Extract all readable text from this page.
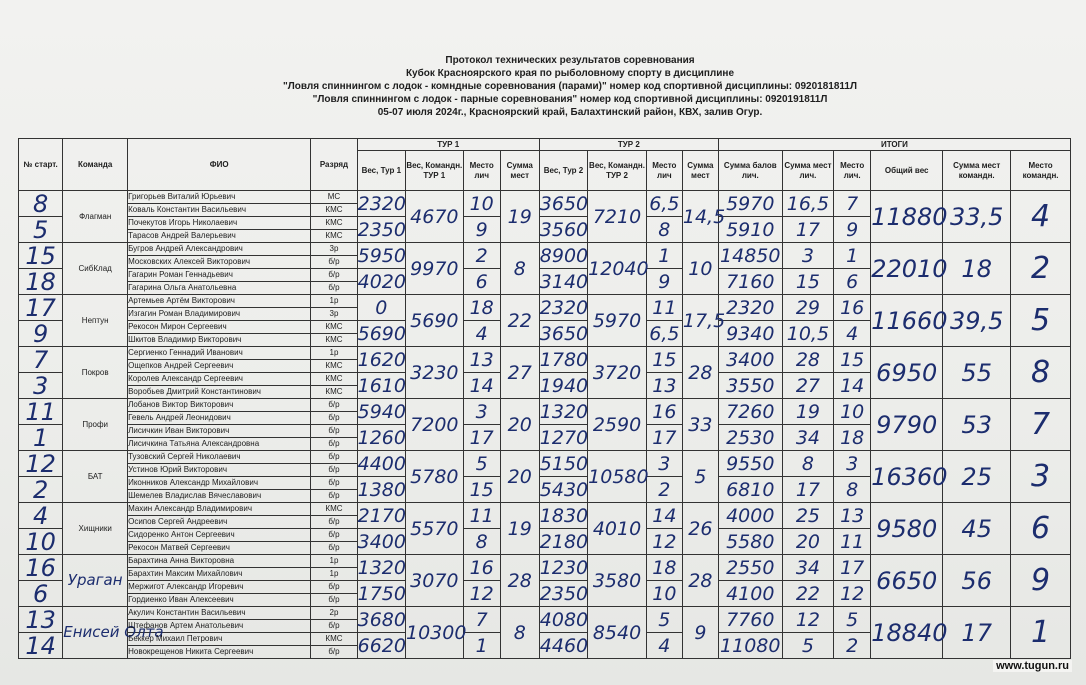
Протокол технических результатов соревнования
Кубок Красноярского края по рыболовному спорту в дисциплине
"Ловля спиннингом с лодок - комндные соревнования (парами)" номер код спортивной дисциплины: 0920181811Л
"Ловля спиннингом с лодок - парные соревнования" номер код спортивной дисциплины: 0920191811Л
05-07 июля 2024г., Красноярский край, Балахтинский район, КВХ, залив Огур.
№ старт.	Команда	ФИО	Разряд	ТУР 1				ТУР 2				ИТОГИ					
				Вес, Тур 1	Вес, Командн. ТУР 1	Место лич	Сумма мест	Вес, Тур 2	Вес, Командн. ТУР 2	Место лич	Сумма мест	Сумма балов лич.	Сумма мест лич.	Место лич.	Общий вес	Сумма мест командн.	Место командн.
8	Флагман	Григорьев Виталий Юрьевич	МС	2320	4670	10	19	3650	7210	6,5	14,5	5970	16,5	7	11880	33,5	4
		Коваль Константин Васильевич	КМС														
5		Почекутов Игорь Николаевич	КМС	2350		9		3560		8		5910	17	9			
		Тарасов Андрей Валерьевич	КМС														
15	СибКлад	Бугров Андрей Александрович	3р	5950	9970	2	8	8900	12040	1	10	14850	3	1	22010	18	2
		Московских Алексей Викторович	б/р														
18		Гагарин Роман Геннадьевич	б/р	4020		6		3140		9		7160	15	6			
		Гагарина Ольга Анатольевна	б/р														
17	Нептун	Артемьев Артём Викторович	1р	0	5690	18	22	2320	5970	11	17,5	2320	29	16	11660	39,5	5
		Изгагин Роман Владимирович	3р														
9		Рекосон Мирон Сергеевич	КМС	5690		4		3650		6,5		9340	10,5	4			
		Шкитов Владимир Викторович	КМС														
7	Покров	Сергиенко Геннадий Иванович	1р	1620	3230	13	27	1780	3720	15	28	3400	28	15	6950	55	8
		Ощепков Андрей Сергеевич	КМС														
3		Королев Александр Сергеевич	КМС	1610		14		1940		13		3550	27	14			
		Воробьев Дмитрий Константинович	КМС														
11	Профи	Лобанов Виктор Викторович	б/р	5940	7200	3	20	1320	2590	16	33	7260	19	10	9790	53	7
		Гевель Андрей Леонидович	б/р														
1		Лисичкин Иван Викторович	б/р	1260		17		1270		17		2530	34	18			
		Лисичкина Татьяна Александровна	б/р														
12	БАТ	Тузовский Сергей Николаевич	б/р	4400	5780	5	20	5150	10580	3	5	9550	8	3	16360	25	3
		Устинов Юрий Викторович	б/р														
2		Иконников Александр Михайлович	б/р	1380		15		5430		2		6810	17	8			
		Шемелев Владислав Вячеславович	б/р														
4	Хищники	Махин Александр Владимирович	КМС	2170	5570	11	19	1830	4010	14	26	4000	25	13	9580	45	6
		Осипов Сергей Андреевич	б/р														
10		Сидоренко Антон Сергеевич	б/р	3400		8		2180		12		5580	20	11			
		Рекосон Матвей Сергеевич	б/р														
16	Ураган	Барахтина Анна Викторовна	1р	1320	3070	16	28	1230	3580	18	28	2550	34	17	6650	56	9
		Барахтин Максим Михайлович	1р														
6		Мержигот Александр Игоревич	б/р	1750		12		2350		10		4100	22	12			
		Гордиенко Иван Алексеевич	б/р														
13	Енисей Олта	Акулич Константин Васильевич	2р	3680	10300	7	8	4080	8540	5	9	7760	12	5	18840	17	1
		Штефанов Артем Анатольевич	б/р														
14		Беккер Михаил Петрович	КМС	6620		1		4460		4		11080	5	2			
		Новокрещенов Никита Сергеевич	б/р														
www.tugun.ru
